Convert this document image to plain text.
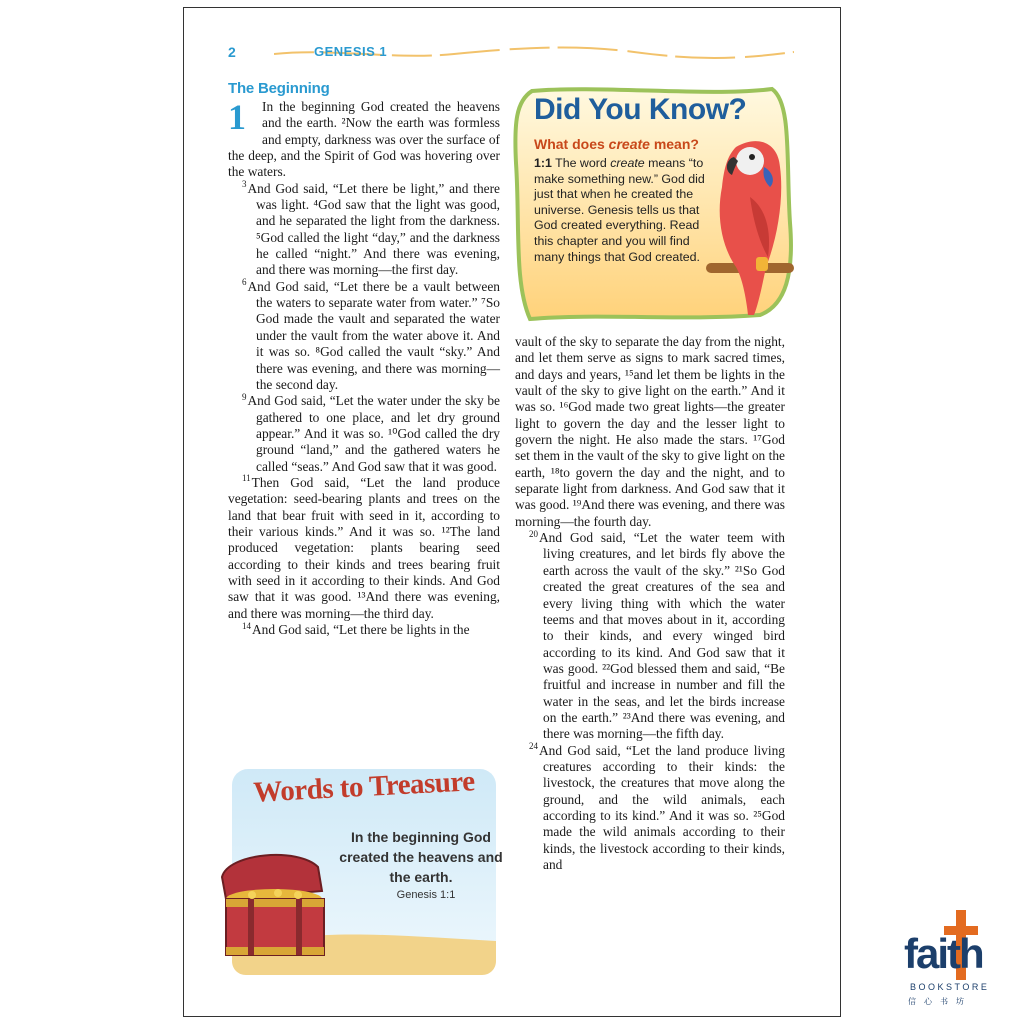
2	GENESIS 1
The Beginning
1	In the beginning God created the heavens and the earth. ²Now the earth was formless and empty, darkness was over the surface of the deep, and the Spirit of God was hovering over the waters.

$^3$And God said, “Let there be light,” and there was light. ⁴God saw that the light was good, and he separated the light from the darkness. ⁵God called the light “day,” and the darkness he called “night.” And there was evening, and there was morning—the first day.

$^6$And God said, “Let there be a vault between the waters to separate water from water.” ⁷So God made the vault and separated the water under the vault from the water above it. And it was so. ⁸God called the vault “sky.” And there was evening, and there was morning—the second day.

$^9$And God said, “Let the water under the sky be gathered to one place, and let dry ground appear.” And it was so. ¹⁰God called the dry ground “land,” and the gathered waters he called “seas.” And God saw that it was good.

$^{11}$Then God said, “Let the land produce vegetation: seed-bearing plants and trees on the land that bear fruit with seed in it, according to their various kinds.” And it was so. ¹²The land produced vegetation: plants bearing seed according to their kinds and trees bearing fruit with seed in it according to their kinds. And God saw that it was good. ¹³And there was evening, and there was morning—the third day.

$^{14}$And God said, “Let there be lights in the

Did You Know?
What does create mean?
1:1 The word create means “to make something new.” God did just that when he created the universe. Genesis tells us that God created everything. Read this chapter and you will find many things that God created.

vault of the sky to separate the day from the night, and let them serve as signs to mark sacred times, and days and years, ¹⁵and let them be lights in the vault of the sky to give light on the earth.” And it was so. ¹⁶God made two great lights—the greater light to govern the day and the lesser light to govern the night. He also made the stars. ¹⁷God set them in the vault of the sky to give light on the earth, ¹⁸to govern the day and the night, and to separate light from darkness. And God saw that it was good. ¹⁹And there was evening, and there was morning—the fourth day.

$^{20}$And God said, “Let the water teem with living creatures, and let birds fly above the earth across the vault of the sky.” ²¹So God created the great creatures of the sea and every living thing with which the water teems and that moves about in it, according to their kinds, and every winged bird according to its kind. And God saw that it was good. ²²God blessed them and said, “Be fruitful and increase in number and fill the water in the seas, and let the birds increase on the earth.” ²³And there was evening, and there was morning—the fifth day.

$^{24}$And God said, “Let the land produce living creatures according to their kinds: the livestock, the creatures that move along the ground, and the wild animals, each according to its kind.” And it was so. ²⁵God made the wild animals according to their kinds, the livestock according to their kinds, and

Words to Treasure
In the beginning God created the heavens and the earth.
Genesis 1:1
faith
BOOKSTORE
信心书坊
